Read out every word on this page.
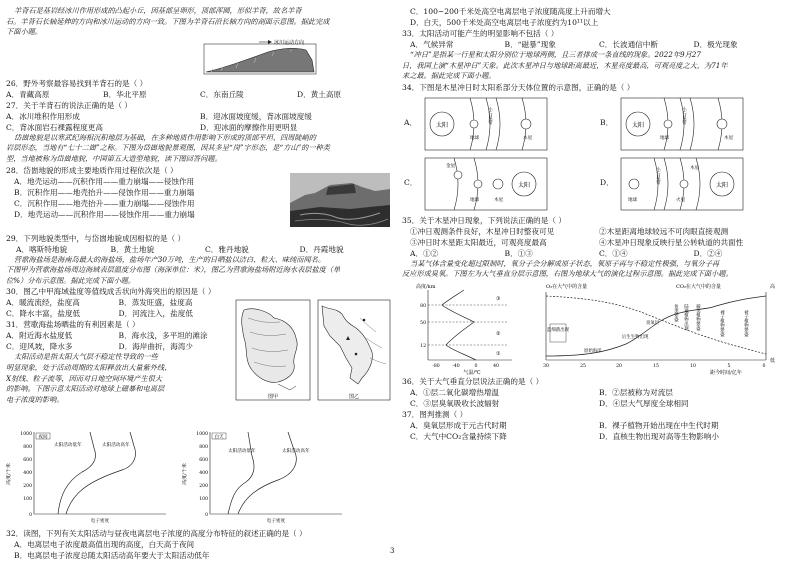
羊背石是基岩经冰川作用形成的凸起小丘，因基部呈卵形，顶部浑圆，形似羊背，故名羊背
石。羊背石长轴延伸的方向和冰川运动的方向一致。下图为羊背石沿长轴方向的剖面示意图。据此完成
下面小题。
冰川运动方向
26．野外考察最容易找到羊背石的是（ ）
A．青藏高原	B．华北平原	C．东南丘陵	D．黄土高原
27．关于羊背石的说法正确的是（ ）
A．冰川堆积作用形成	B．迎冰面坡度缓，背冰面坡度缓
C．背冰面岩石裸露程度更高	D．迎冰面的摩擦作用更明显
岱崮地貌是以寒武纪海相沉积地层为基础，在多种地质作用影响下形成的顶部平坦、四周陡峭的
岩层形态，当地有“七十二崮”之称。下图为岱崮地貌景观图，因其多呈“岗”字形态，是“方山”的一种类
型，当地被称为岱崮地貌，中国第五大造型地貌，读下图回答问题。
28．岱崮地貌的形成主要地质作用过程依次是（ ）
A．地壳运动——沉积作用——重力崩塌——侵蚀作用
B．沉积作用——地壳抬升——侵蚀作用——重力崩塌
C．沉积作用——地壳抬升——重力崩塌——侵蚀作用
D．地壳运动——沉积作用——侵蚀作用——重力崩塌
29．下列地貌类型中，与岱崮地貌成因相似的是（ ）
A．喀斯特地貌	B．黄土地貌	C．雅丹地貌	D．丹霞地貌
营歌海盐场是海南岛最大的海盐场，盐场年产30万吨，生产的日晒盐以洁白、粒大、味纯而闻名。
下图甲为营歌海盐场周边海域表层温度分布图（海深单位：米），图乙为营歌海盐场附近海水表层盐度（单
位%）分布示意图。据此完成下面小题。
30．图乙中甲海域盐度等值线成舌状向外海突出的原因是（ ）
A．暖流流经，盐度高	B．蒸发旺盛，盐度高
C．降水丰富，盐度低	D．河流注入，盐度低
31．营歌海盐场晒盐的有利因素是（ ）
A．附近海水盐度低	B．海水浅，多平坦的滩涂
C．迎风坡，降水多	D．海岸曲折，海湾少
太阳活动是指太阳大气层不稳定性导致的一些
明显现象，处于活动周期的太阳释放出大量紫外线、
X射线、粒子流等，因而对日地空间环境产生很大
的影响。下图示意太阳活动对地球上磁暴和电离层
电子浓度的影响。	图甲	图乙
高度/千米
1000
800
600
400
200
100
0
夜间
太阳活动低年	太阳活动高年
电子密度
高度/千米
1000
800
600
400
200
100
0
白天
太阳活动低年	太阳活动高年
电子密度
32．读图，下列有关太阳活动与昼夜电离层电子浓度的高度分布特征的叙述正确的是（ ）
A．电离层电子浓度最高值出现的高度，白天高于夜间
B．电离层电子浓度总随太阳活动高年要大于太阳活动低年
C．100~200千米处高空电离层电子浓度随高度上升而增大
D．白天，500千米处高空电离层电子浓度约为10¹¹以上
33．太阳活动可能产生的明显影响不包括（ ）
A．气候异常	B．“磁暴”现象	C．长波通信中断	D．极光现象
“冲日”是指某一行星和太阳分别位于地球两侧，且三者排成一条直线的现象。2022年9月27
日，我国上演“木星冲日”天象。此次木星冲日与地球距离最近，木星亮度最高，可观亮度之大，为71年
来之最。据此完成下面小题。
34．下图是木星冲日时太阳系部分天体位置的示意图，正确的是（ ）
A．	太阳
地球
小行星带
木星
B．	太阳
地球
小行星带
木星
C．
金星
地球
太阳
木星
D．
地球
小行星带
火星
木星
太阳
35．关于木星冲日现象，下列说法正确的是（ ）
①冲日观测条件良好，木星冲日时整夜可见	②木星距离地球较远不可肉眼直接观测
③冲日时木星距太阳最近，可观亮度最高	④木星冲日现象反映行星公转轨道的共面性
A．①②	B．①③	C．①④	D．②④
当某气体含量变化超过限制时，氧分子会分解成原子状态，氧原子再与不稳定性极强，与氧分子再
反应形成臭氧。下图左为大气垂直分层示意图，右图为地球大气的演化过程示意图。据此完成下面小题。
高度/km
80
50
12
③
②
①
-80	-40	0	40
气温/℃
O₂在大气中的含量	CO₂在大气中的含量	高
低
蓝细菌出现
原始海洋
后生生物出现
臭氧层
鱼类繁盛 陆地植物出现 蕨类植物繁盛	裸子植物繁盛	被子植物繁盛
30	25	20	15	10	5	0
距今时间/亿年
36．关于大气垂直分层说法正确的是（ ）
A．①层二氧化碳增热增温	B．②层被称为对流层
C．③层臭氧吸收长波辐射	D．④层大气厚度全球相同
37．图判推测（ ）
A．臭氧层形成于元古代时期	B．裸子植物开始出现在中生代时期
C．大气中CO₂含量持续下降	D．直核生物出现对高等生物影响小
3
